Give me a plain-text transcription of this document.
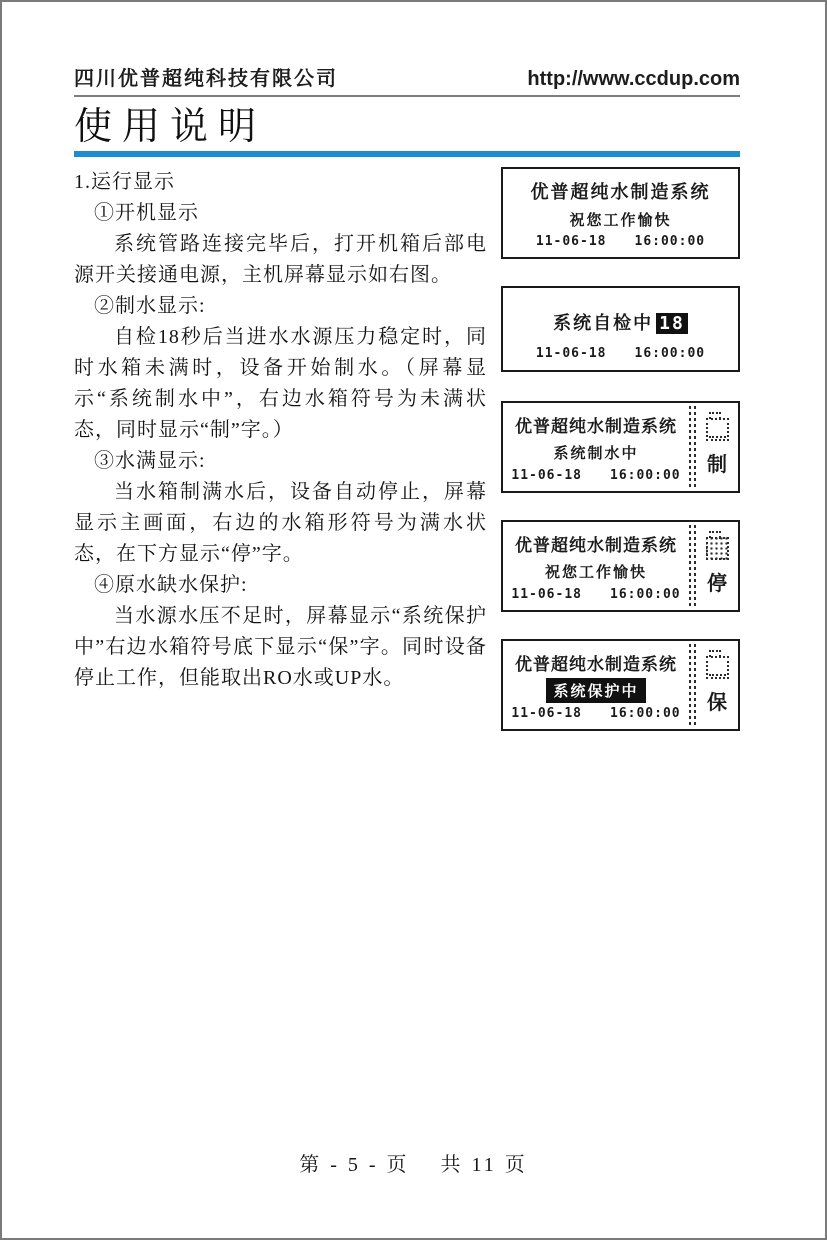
四川优普超纯科技有限公司	http://www.ccdup.com
使用说明

1.运行显示

①开机显示

系统管路连接完毕后，打开机箱后部电源开关接通电源，主机屏幕显示如右图。

②制水显示:

自检18秒后当进水水源压力稳定时，同时水箱未满时，设备开始制水。（屏幕显示“系统制水中”，右边水箱符号为未满状态，同时显示“制”字。）

③水满显示:

当水箱制满水后，设备自动停止，屏幕显示主画面，右边的水箱形符号为满水状态，在下方显示“停”字。

④原水缺水保护:

当水源水压不足时，屏幕显示“系统保护中”右边水箱符号底下显示“保”字。同时设备停止工作，但能取出RO水或UP水。

优普超纯水制造系统
祝您工作愉快
11-06-18 16:00:00
系统自检中 18
11-06-18 16:00:00
优普超纯水制造系统
系统制水中
11-06-18 16:00:00 制
优普超纯水制造系统
祝您工作愉快
11-06-18 16:00:00 停
优普超纯水制造系统
系统保护中
11-06-18 16:00:00 保
第 - 5 - 页　 共 11 页
